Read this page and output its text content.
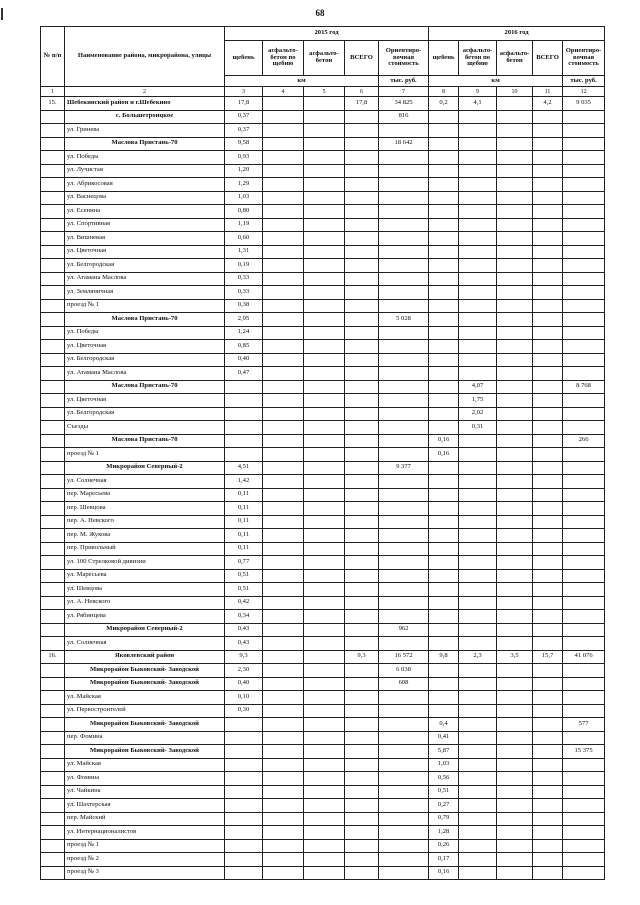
68
№ п/п	Наименование района, микрорайона, улицы	2015 год					2016 год				
		щебень	асфальто-бетон по щебню	асфальто-бетон	ВСЕГО	Ориентиро-вочная стоимость	щебень	асфальто-бетон по щебню	асфальто-бетон	ВСЕГО	Ориентиро-вочная стоимость
		км				тыс. руб.	км				тыс. руб.
1	2	3	4	5	6	7	8	9	10	11	12
15.	Шебекинский район и г.Шебекино	17,8			17,8	34 825	0,2	4,1		4,2	9 035
	с. Большетроицкое	0,37				816					
	ул. Гринева	0,37									
	Маслова Пристань-70	9,58				18 642					
	ул. Победы	0,93									
	ул. Лучистая	1,20									
	ул. Абрикосовая	1,29									
	ул. Васнецова	1,03									
	ул. Есенина	0,80									
	ул. Спортивная	1,19									
	ул. Вишневая	0,60									
	ул. Цветочная	1,31									
	ул. Белгородская	0,19									
	ул. Атамана Маслова	0,33									
	ул. Земляничная	0,33									
	проезд № 1	0,38									
	Маслова Пристань-70	2,95				5 028					
	ул. Победы	1,24									
	ул. Цветочная	0,85									
	ул. Белгородская	0,40									
	ул. Атамана Маслова	0,47									
	Маслова Пристань-70							4,07			8 768
	ул. Цветочная							1,75			
	ул. Белгородская							2,02			
	Съезды							0,31			
	Маслова Пристань-70						0,16				266
	проезд № 1						0,16				
	Микрорайон Северный-2	4,51				9 377					
	ул. Солнечная	1,42									
	пер. Маресьева	0,11									
	пер. Шевцова	0,11									
	пер. А. Невского	0,11									
	пер. М. Жукова	0,11									
	пер. Привольный	0,11									
	ул. 100 Стрелковой дивизии	0,77									
	ул. Маресьева	0,51									
	ул. Шевцова	0,51									
	ул. А. Невского	0,42									
	ул. Рябинцева	0,34									
	Микрорайон Северный-2	0,43				962					
	ул. Солнечная	0,43									
16.	Яковлевский район	9,3			9,3	16 572	9,8	2,3	3,5	15,7	41 076
	Микрорайон Быковский- Заводской	2,30				6 038					
	Микрорайон Быковский- Заводской	0,40				608					
	ул. Майская	0,10									
	ул. Первостроителей	0,30									
	Микрорайон Быковский- Заводской						0,4				577
	пер. Фомина						0,41				
	Микрорайон Быковский- Заводской						5,87				15 375
	ул. Майская						1,03				
	ул. Фомина						0,56				
	ул. Чайкина						0,51				
	ул. Шахтерская						0,27				
	пер. Майский						0,79				
	ул. Интернационалистов						1,28				
	проезд № 1						0,26				
	проезд № 2						0,17				
	проезд № 3						0,16				
